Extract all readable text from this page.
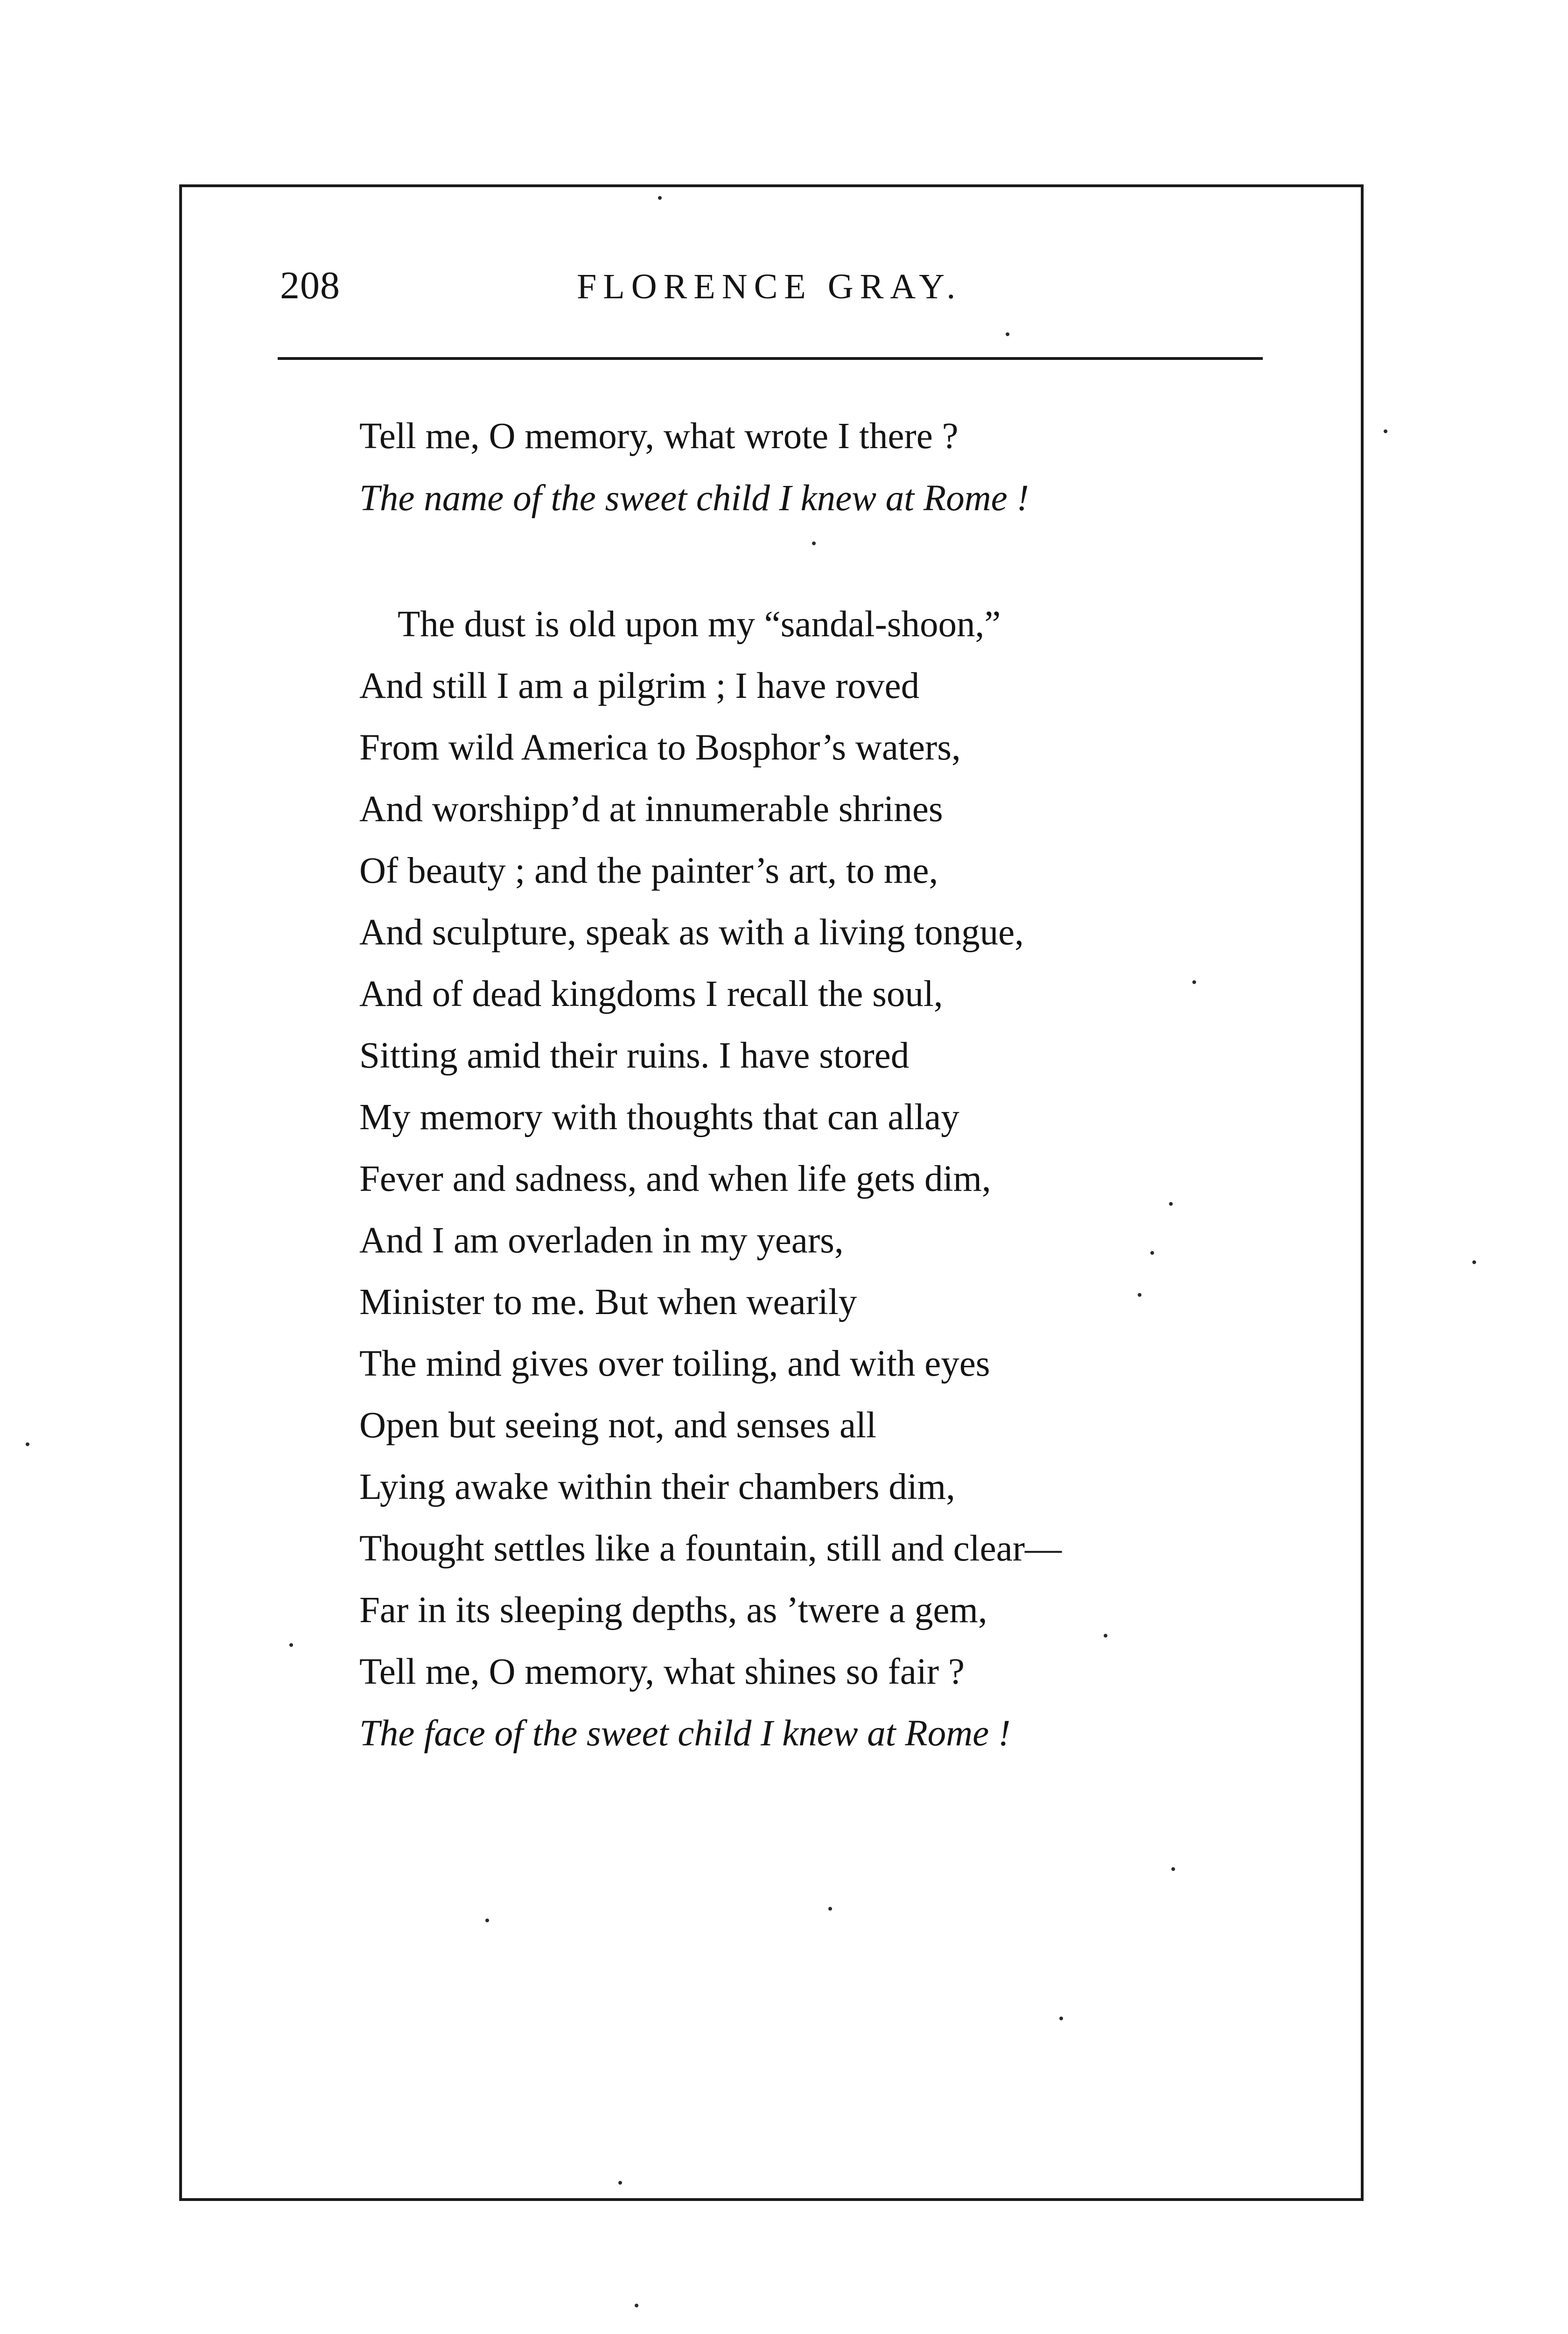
208	FLORENCE GRAY.
Tell me, O memory, what wrote I there ?
The name of the sweet child I knew at Rome !
The dust is old upon my “sandal-shoon,”
And still I am a pilgrim ; I have roved
From wild America to Bosphor’s waters,
And worshipp’d at innumerable shrines
Of beauty ; and the painter’s art, to me,
And sculpture, speak as with a living tongue,
And of dead kingdoms I recall the soul,
Sitting amid their ruins. I have stored
My memory with thoughts that can allay
Fever and sadness, and when life gets dim,
And I am overladen in my years,
Minister to me. But when wearily
The mind gives over toiling, and with eyes
Open but seeing not, and senses all
Lying awake within their chambers dim,
Thought settles like a fountain, still and clear—
Far in its sleeping depths, as ’twere a gem,
Tell me, O memory, what shines so fair ?
The face of the sweet child I knew at Rome !
